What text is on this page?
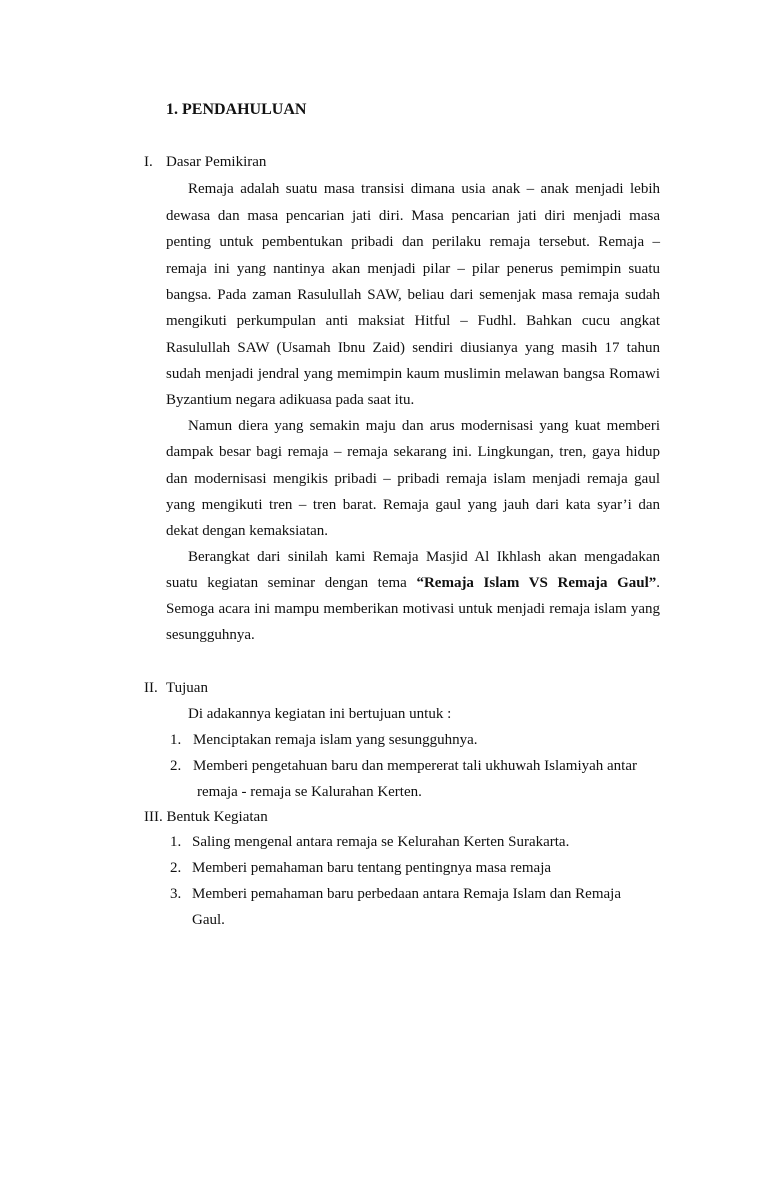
1. PENDAHULUAN
I. Dasar Pemikiran
Remaja adalah suatu masa transisi dimana usia anak – anak menjadi lebih
dewasa dan masa pencarian jati diri. Masa pencarian jati diri menjadi masa
penting untuk pembentukan pribadi dan perilaku remaja tersebut. Remaja –
remaja ini yang nantinya akan menjadi pilar – pilar penerus pemimpin suatu
bangsa. Pada zaman Rasulullah SAW, beliau dari semenjak masa remaja sudah
mengikuti perkumpulan anti maksiat Hitful – Fudhl. Bahkan cucu angkat
Rasulullah SAW (Usamah Ibnu Zaid) sendiri diusianya yang masih 17 tahun
sudah menjadi jendral yang memimpin kaum muslimin melawan bangsa Romawi
Byzantium negara adikuasa pada saat itu.
Namun diera yang semakin maju dan arus modernisasi yang kuat memberi
dampak besar bagi remaja – remaja sekarang ini. Lingkungan, tren, gaya hidup
dan modernisasi mengikis pribadi – pribadi remaja islam menjadi remaja gaul
yang mengikuti tren – tren barat. Remaja gaul yang jauh dari kata syar’i dan
dekat dengan kemaksiatan.
Berangkat dari sinilah kami Remaja Masjid Al Ikhlash akan mengadakan
suatu kegiatan seminar dengan tema “Remaja Islam VS Remaja Gaul”.
Semoga acara ini mampu memberikan motivasi untuk menjadi remaja islam yang
sesungguhnya.
II. Tujuan
Di adakannya kegiatan ini bertujuan untuk :
1. Menciptakan remaja islam yang sesungguhnya.
2. Memberi pengetahuan baru dan mempererat tali ukhuwah Islamiyah antar
remaja - remaja se Kalurahan Kerten.
III. Bentuk Kegiatan
1. Saling mengenal antara remaja se Kelurahan Kerten Surakarta.
2. Memberi pemahaman baru tentang pentingnya masa remaja
3. Memberi pemahaman baru perbedaan antara Remaja Islam dan Remaja
Gaul.
